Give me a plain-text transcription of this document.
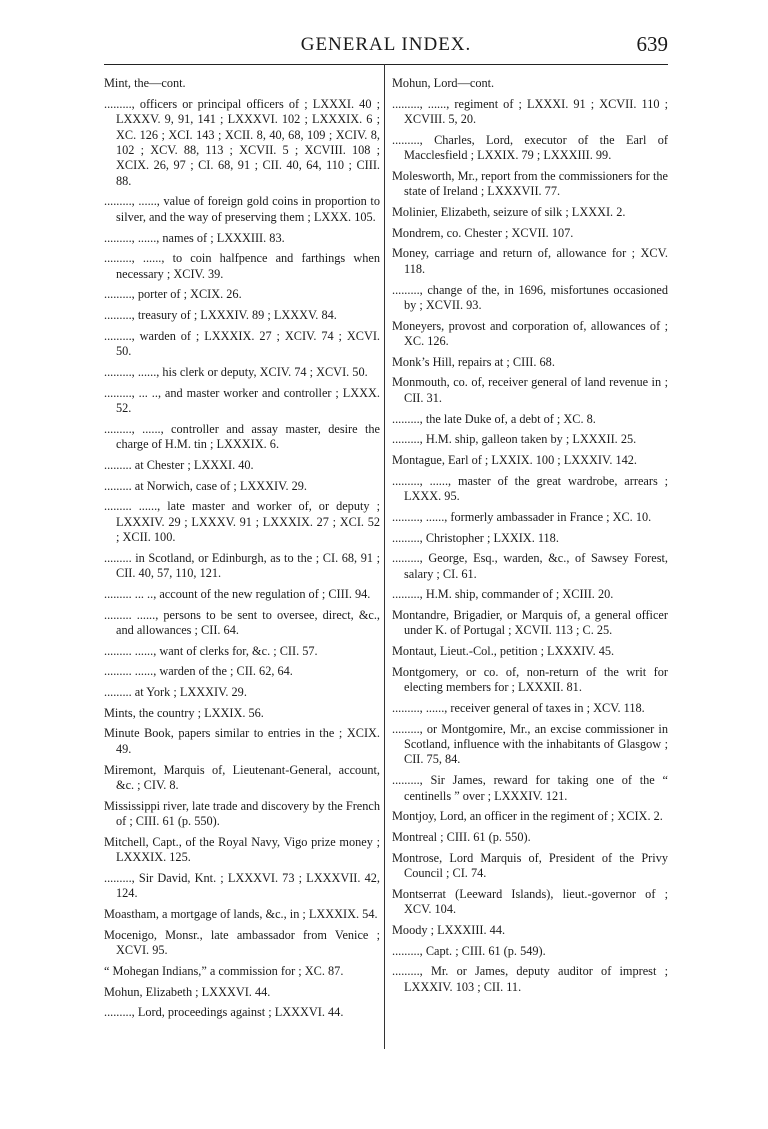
GENERAL INDEX.	639

Mint, the—cont.

........., officers or principal officers of ; LXXXI. 40 ; LXXXV. 9, 91, 141 ; LXXXVI. 102 ; LXXXIX. 6 ; XC. 126 ; XCI. 143 ; XCII. 8, 40, 68, 109 ; XCIV. 8, 102 ; XCV. 88, 113 ; XCVII. 5 ; XCVIII. 108 ; XCIX. 26, 97 ; CI. 68, 91 ; CII. 40, 64, 110 ; CIII. 88.

........., ......, value of foreign gold coins in proportion to silver, and the way of preserving them ; LXXX. 105.

........., ......, names of ; LXXXIII. 83.

........., ......, to coin halfpence and farthings when necessary ; XCIV. 39.

........., porter of ; XCIX. 26.

........., treasury of ; LXXXIV. 89 ; LXXXV. 84.

........., warden of ; LXXXIX. 27 ; XCIV. 74 ; XCVI. 50.

........., ......, his clerk or deputy, XCIV. 74 ; XCVI. 50.

........., ... .., and master worker and controller ; LXXX. 52.

........., ......, controller and assay master, desire the charge of H.M. tin ; LXXXIX. 6.

......... at Chester ; LXXXI. 40.

......... at Norwich, case of ; LXXXIV. 29.

......... ......, late master and worker of, or deputy ; LXXXIV. 29 ; LXXXV. 91 ; LXXXIX. 27 ; XCI. 52 ; XCII. 100.

......... in Scotland, or Edinburgh, as to the ; CI. 68, 91 ; CII. 40, 57, 110, 121.

......... ... .., account of the new regulation of ; CIII. 94.

......... ......, persons to be sent to oversee, direct, &c., and allowances ; CII. 64.

......... ......, want of clerks for, &c. ; CII. 57.

......... ......, warden of the ; CII. 62, 64.

......... at York ; LXXXIV. 29.

Mints, the country ; LXXIX. 56.

Minute Book, papers similar to entries in the ; XCIX. 49.

Miremont, Marquis of, Lieutenant-General, account, &c. ; CIV. 8.

Mississippi river, late trade and discovery by the French of ; CIII. 61 (p. 550).

Mitchell, Capt., of the Royal Navy, Vigo prize money ; LXXXIX. 125.

........., Sir David, Knt. ; LXXXVI. 73 ; LXXXVII. 42, 124.

Moastham, a mortgage of lands, &c., in ; LXXXIX. 54.

Mocenigo, Monsr., late ambassador from Venice ; XCVI. 95.

“ Mohegan Indians,” a commission for ; XC. 87.

Mohun, Elizabeth ; LXXXVI. 44.

........., Lord, proceedings against ; LXXXVI. 44.

Mohun, Lord—cont.

........., ......, regiment of ; LXXXI. 91 ; XCVII. 110 ; XCVIII. 5, 20.

........., Charles, Lord, executor of the Earl of Macclesfield ; LXXIX. 79 ; LXXXIII. 99.

Molesworth, Mr., report from the commissioners for the state of Ireland ; LXXXVII. 77.

Molinier, Elizabeth, seizure of silk ; LXXXI. 2.

Mondrem, co. Chester ; XCVII. 107.

Money, carriage and return of, allowance for ; XCV. 118.

........., change of the, in 1696, misfortunes occasioned by ; XCVII. 93.

Moneyers, provost and corporation of, allowances of ; XC. 126.

Monk’s Hill, repairs at ; CIII. 68.

Monmouth, co. of, receiver general of land revenue in ; CII. 31.

........., the late Duke of, a debt of ; XC. 8.

........., H.M. ship, galleon taken by ; LXXXII. 25.

Montague, Earl of ; LXXIX. 100 ; LXXXIV. 142.

........., ......, master of the great wardrobe, arrears ; LXXX. 95.

........., ......, formerly ambassader in France ; XC. 10.

........., Christopher ; LXXIX. 118.

........., George, Esq., warden, &c., of Sawsey Forest, salary ; CI. 61.

........., H.M. ship, commander of ; XCIII. 20.

Montandre, Brigadier, or Marquis of, a general officer under K. of Portugal ; XCVII. 113 ; C. 25.

Montaut, Lieut.-Col., petition ; LXXXIV. 45.

Montgomery, or co. of, non-return of the writ for electing members for ; LXXXII. 81.

........., ......, receiver general of taxes in ; XCV. 118.

........., or Montgomire, Mr., an excise commissioner in Scotland, influence with the inhabitants of Glasgow ; CII. 75, 84.

........., Sir James, reward for taking one of the “ centinells ” over ; LXXXIV. 121.

Montjoy, Lord, an officer in the regiment of ; XCIX. 2.

Montreal ; CIII. 61 (p. 550).

Montrose, Lord Marquis of, President of the Privy Council ; CI. 74.

Montserrat (Leeward Islands), lieut.-governor of ; XCV. 104.

Moody ; LXXXIII. 44.

........., Capt. ; CIII. 61 (p. 549).

........., Mr. or James, deputy auditor of imprest ; LXXXIV. 103 ; CII. 11.
